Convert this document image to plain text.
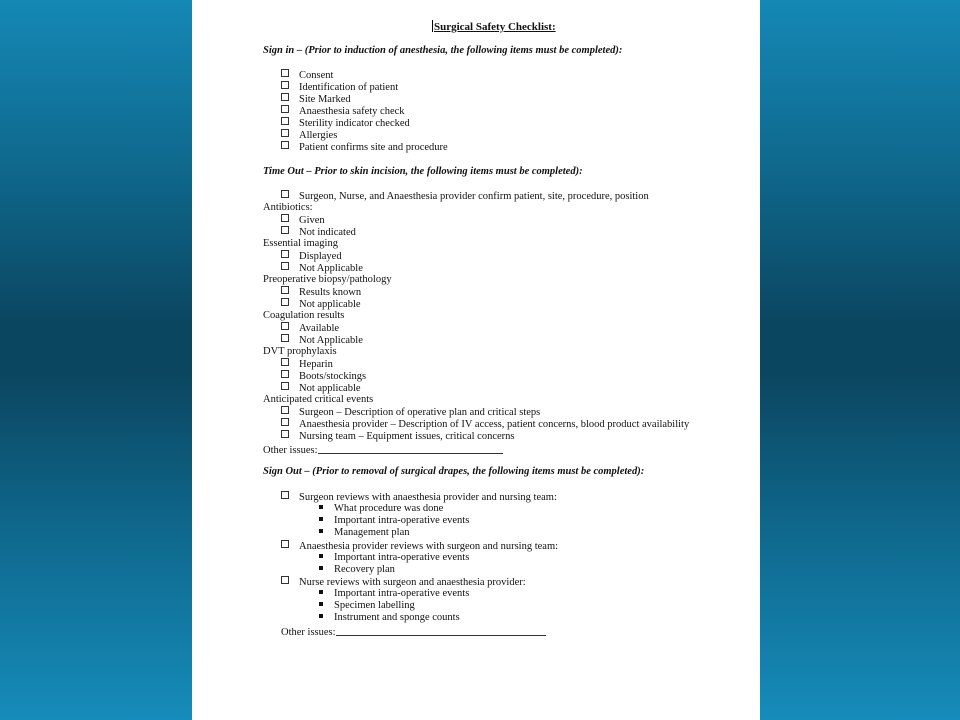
Surgical Safety Checklist:
Sign in – (Prior to induction of anesthesia, the following items must be completed):
Consent
Identification of patient
Site Marked
Anaesthesia safety check
Sterility indicator checked
Allergies
Patient confirms site and procedure
Time Out – Prior to skin incision, the following items must be completed):
Surgeon, Nurse, and Anaesthesia provider confirm patient, site, procedure, position
Antibiotics:
Given
Not indicated
Essential imaging
Displayed
Not Applicable
Preoperative biopsy/pathology
Results known
Not applicable
Coagulation results
Available
Not Applicable
DVT prophylaxis
Heparin
Boots/stockings
Not applicable
Anticipated critical events
Surgeon – Description of operative plan and critical steps
Anaesthesia provider – Description of IV access, patient concerns, blood product availability
Nursing team – Equipment issues, critical concerns
Other issues:
Sign Out – (Prior to removal of surgical drapes, the following items must be completed):
Surgeon reviews with anaesthesia provider and nursing team:
What procedure was done
Important intra-operative events
Management plan
Anaesthesia provider reviews with surgeon and nursing team:
Important intra-operative events
Recovery plan
Nurse reviews with surgeon and anaesthesia provider:
Important intra-operative events
Specimen labelling
Instrument and sponge counts
Other issues:
